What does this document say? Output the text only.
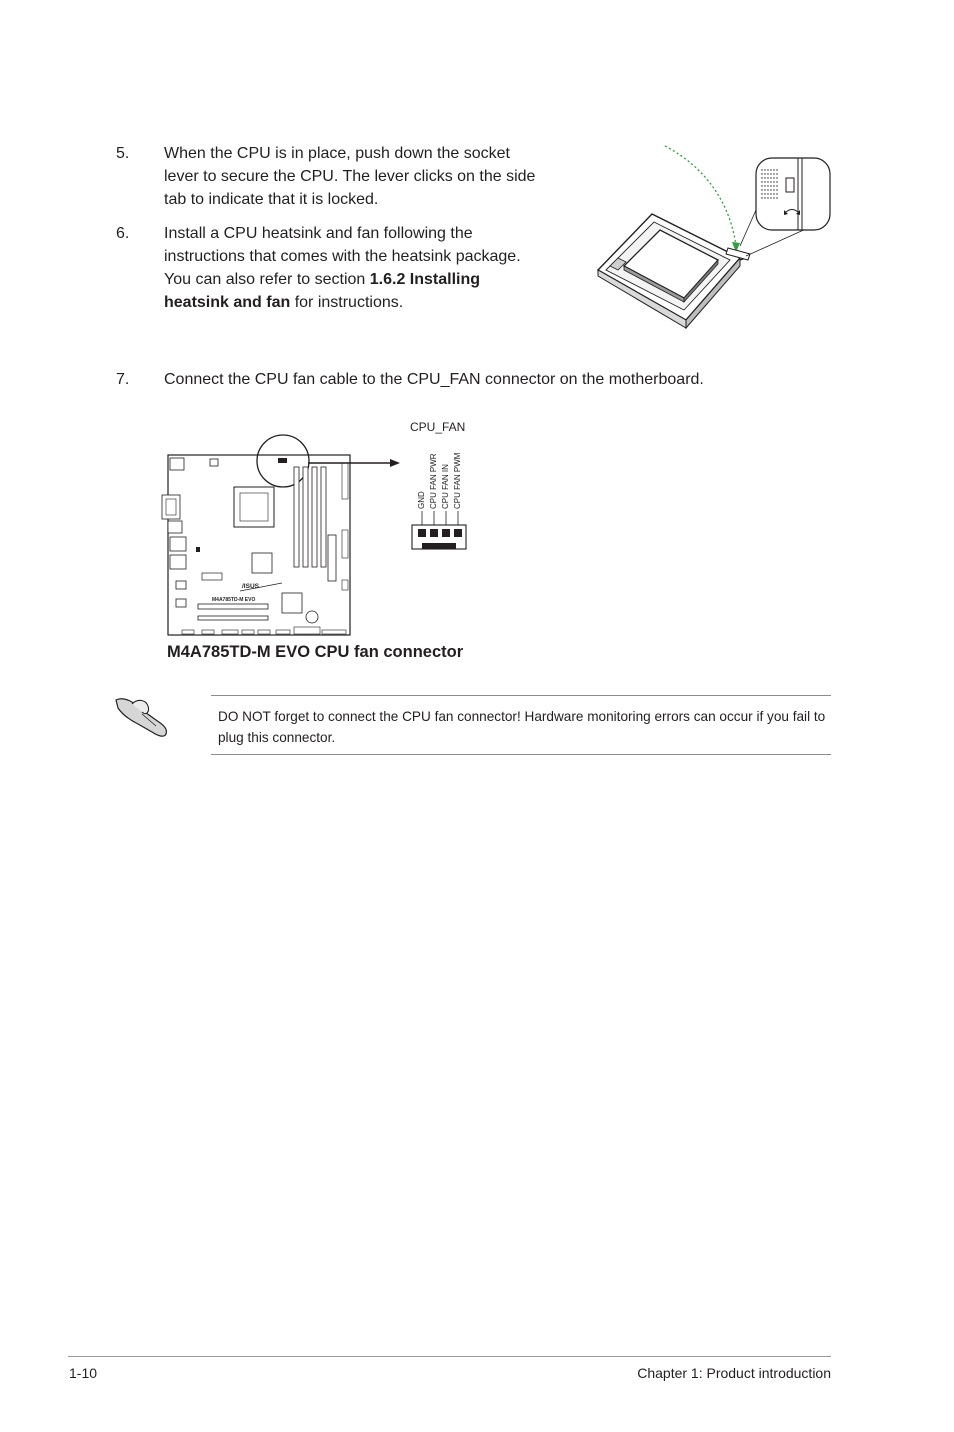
5. When the CPU is in place, push down the socket
lever to secure the CPU. The lever clicks on the side
tab to indicate that it is locked.
6. Install a CPU heatsink and fan following the
instructions that comes with the heatsink package.
You can also refer to section 1.6.2 Installing
heatsink and fan for instructions.
7. Connect the CPU fan cable to the CPU_FAN connector on the motherboard.
/ISUS
M4A785TD-M EVO
CPU_FAN
GND CPU FAN PWR CPU FAN IN CPU FAN PWM
M4A785TD-M EVO CPU fan connector
DO NOT forget to connect the CPU fan connector! Hardware monitoring errors can occur if you fail to plug this connector.
1-10	Chapter 1: Product introduction
